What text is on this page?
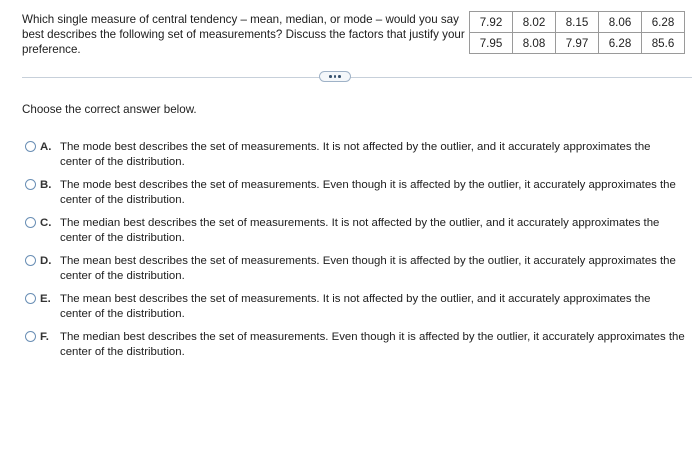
Which single measure of central tendency – mean, median, or mode – would you say best describes the following set of measurements? Discuss the factors that justify your preference.
7.92	8.02	8.15	8.06	6.28
7.95	8.08	7.97	6.28	85.6
Choose the correct answer below.
A. The mode best describes the set of measurements. It is not affected by the outlier, and it accurately approximates the center of the distribution.
B. The mode best describes the set of measurements. Even though it is affected by the outlier, it accurately approximates the center of the distribution.
C. The median best describes the set of measurements. It is not affected by the outlier, and it accurately approximates the center of the distribution.
D. The mean best describes the set of measurements. Even though it is affected by the outlier, it accurately approximates the center of the distribution.
E. The mean best describes the set of measurements. It is not affected by the outlier, and it accurately approximates the center of the distribution.
F. The median best describes the set of measurements. Even though it is affected by the outlier, it accurately approximates the center of the distribution.
